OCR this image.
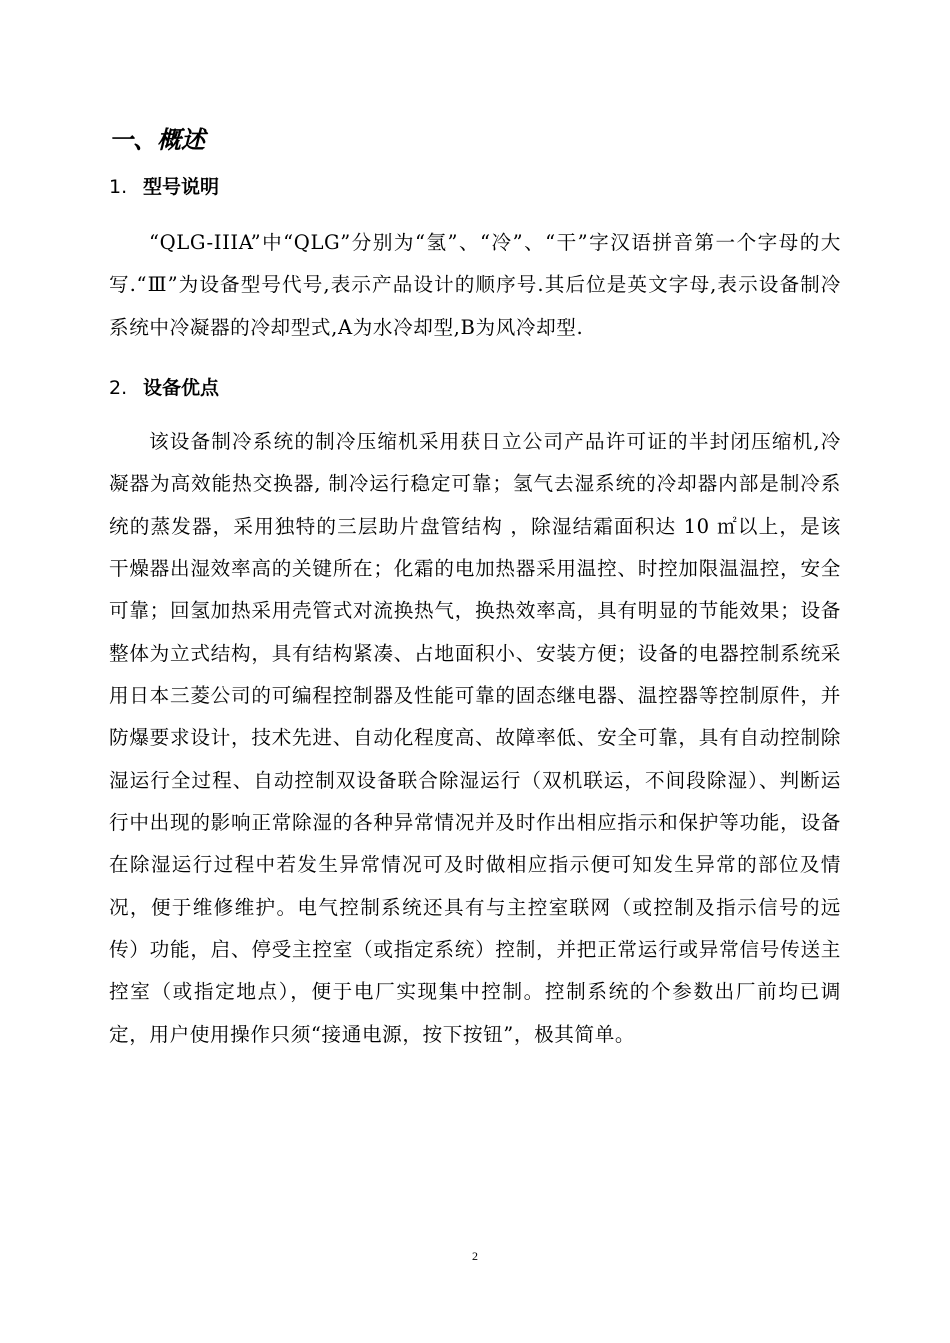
一、概述
1. 型号说明

“QLG-IIIA”中“QLG”分别为“氢”、“冷”、“干”字汉语拼音第一个字母的大写.“Ⅲ”为设备型号代号,表示产品设计的顺序号.其后位是英文字母,表示设备制冷系统中冷凝器的冷却型式,A为水冷却型,B为风冷却型.

2. 设备优点

该设备制冷系统的制冷压缩机采用获日立公司产品许可证的半封闭压缩机,冷凝器为高效能热交换器, 制冷运行稳定可靠；氢气去湿系统的冷却器内部是制冷系统的蒸发器，采用独特的三层助片盘管结构 ，除湿结霜面积达 10 ㎡以上，是该干燥器出湿效率高的关键所在；化霜的电加热器采用温控、时控加限温温控，安全可靠；回氢加热采用壳管式对流换热气，换热效率高，具有明显的节能效果；设备整体为立式结构，具有结构紧凑、占地面积小、安装方便；设备的电器控制系统采用日本三菱公司的可编程控制器及性能可靠的固态继电器、温控器等控制原件，并防爆要求设计，技术先进、自动化程度高、故障率低、安全可靠，具有自动控制除湿运行全过程、自动控制双设备联合除湿运行（双机联运，不间段除湿）、判断运行中出现的影响正常除湿的各种异常情况并及时作出相应指示和保护等功能，设备在除湿运行过程中若发生异常情况可及时做相应指示便可知发生异常的部位及情况，便于维修维护。电气控制系统还具有与主控室联网（或控制及指示信号的远传）功能，启、停受主控室（或指定系统）控制，并把正常运行或异常信号传送主控室（或指定地点），便于电厂实现集中控制。控制系统的个参数出厂前均已调定，用户使用操作只须“接通电源，按下按钮”，极其简单。

2
